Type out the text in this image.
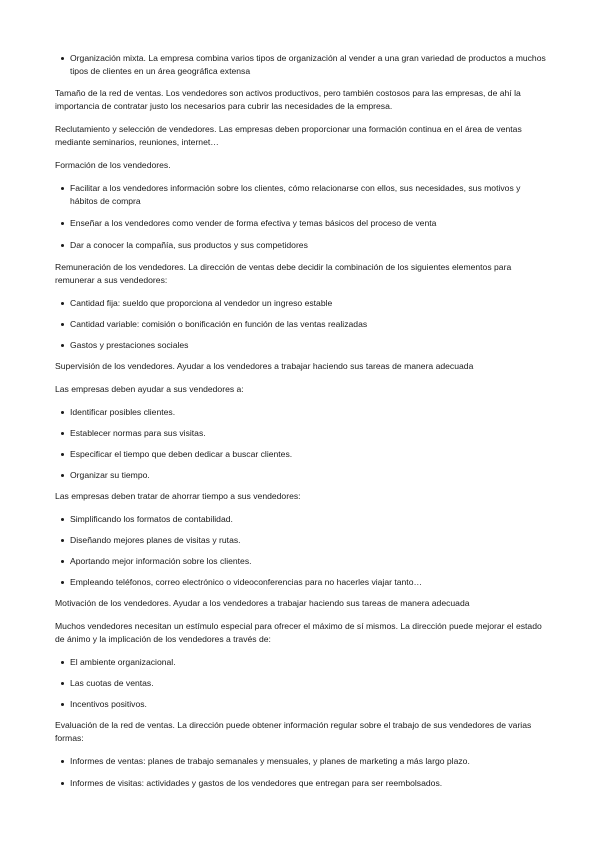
Organización mixta. La empresa combina varios tipos de organización al vender a una gran variedad de productos a muchos tipos de clientes en un área geográfica extensa

Tamaño de la red de ventas. Los vendedores son activos productivos, pero también costosos para las empresas, de ahí la importancia de contratar justo los necesarios para cubrir las necesidades de la empresa.

Reclutamiento y selección de vendedores. Las empresas deben proporcionar una formación continua en el área de ventas mediante seminarios, reuniones, internet…

Formación de los vendedores.

Facilitar a los vendedores información sobre los clientes, cómo relacionarse con ellos, sus necesidades, sus motivos y hábitos de compra
Enseñar a los vendedores como vender de forma efectiva y temas básicos del proceso de venta
Dar a conocer la compañía, sus productos y sus competidores

Remuneración de los vendedores. La dirección de ventas debe decidir la combinación de los siguientes elementos para remunerar a sus vendedores:

Cantidad fija: sueldo que proporciona al vendedor un ingreso estable
Cantidad variable: comisión o bonificación en función de las ventas realizadas
Gastos y prestaciones sociales

Supervisión de los vendedores. Ayudar a los vendedores a trabajar haciendo sus tareas de manera adecuada

Las empresas deben ayudar a sus vendedores a:

Identificar posibles clientes.
Establecer normas para sus visitas.
Especificar el tiempo que deben dedicar a buscar clientes.
Organizar su tiempo.

Las empresas deben tratar de ahorrar tiempo a sus vendedores:

Simplificando los formatos de contabilidad.
Diseñando mejores planes de visitas y rutas.
Aportando mejor información sobre los clientes.
Empleando teléfonos, correo electrónico o videoconferencias para no hacerles viajar tanto…

Motivación de los vendedores. Ayudar a los vendedores a trabajar haciendo sus tareas de manera adecuada

Muchos vendedores necesitan un estímulo especial para ofrecer el máximo de sí mismos. La dirección puede mejorar el estado de ánimo y la implicación de los vendedores a través de:

El ambiente organizacional.
Las cuotas de ventas.
Incentivos positivos.

Evaluación de la red de ventas. La dirección puede obtener información regular sobre el trabajo de sus vendedores de varias formas:

Informes de ventas: planes de trabajo semanales y mensuales, y planes de marketing a más largo plazo.
Informes de visitas: actividades y gastos de los vendedores que entregan para ser reembolsados.
